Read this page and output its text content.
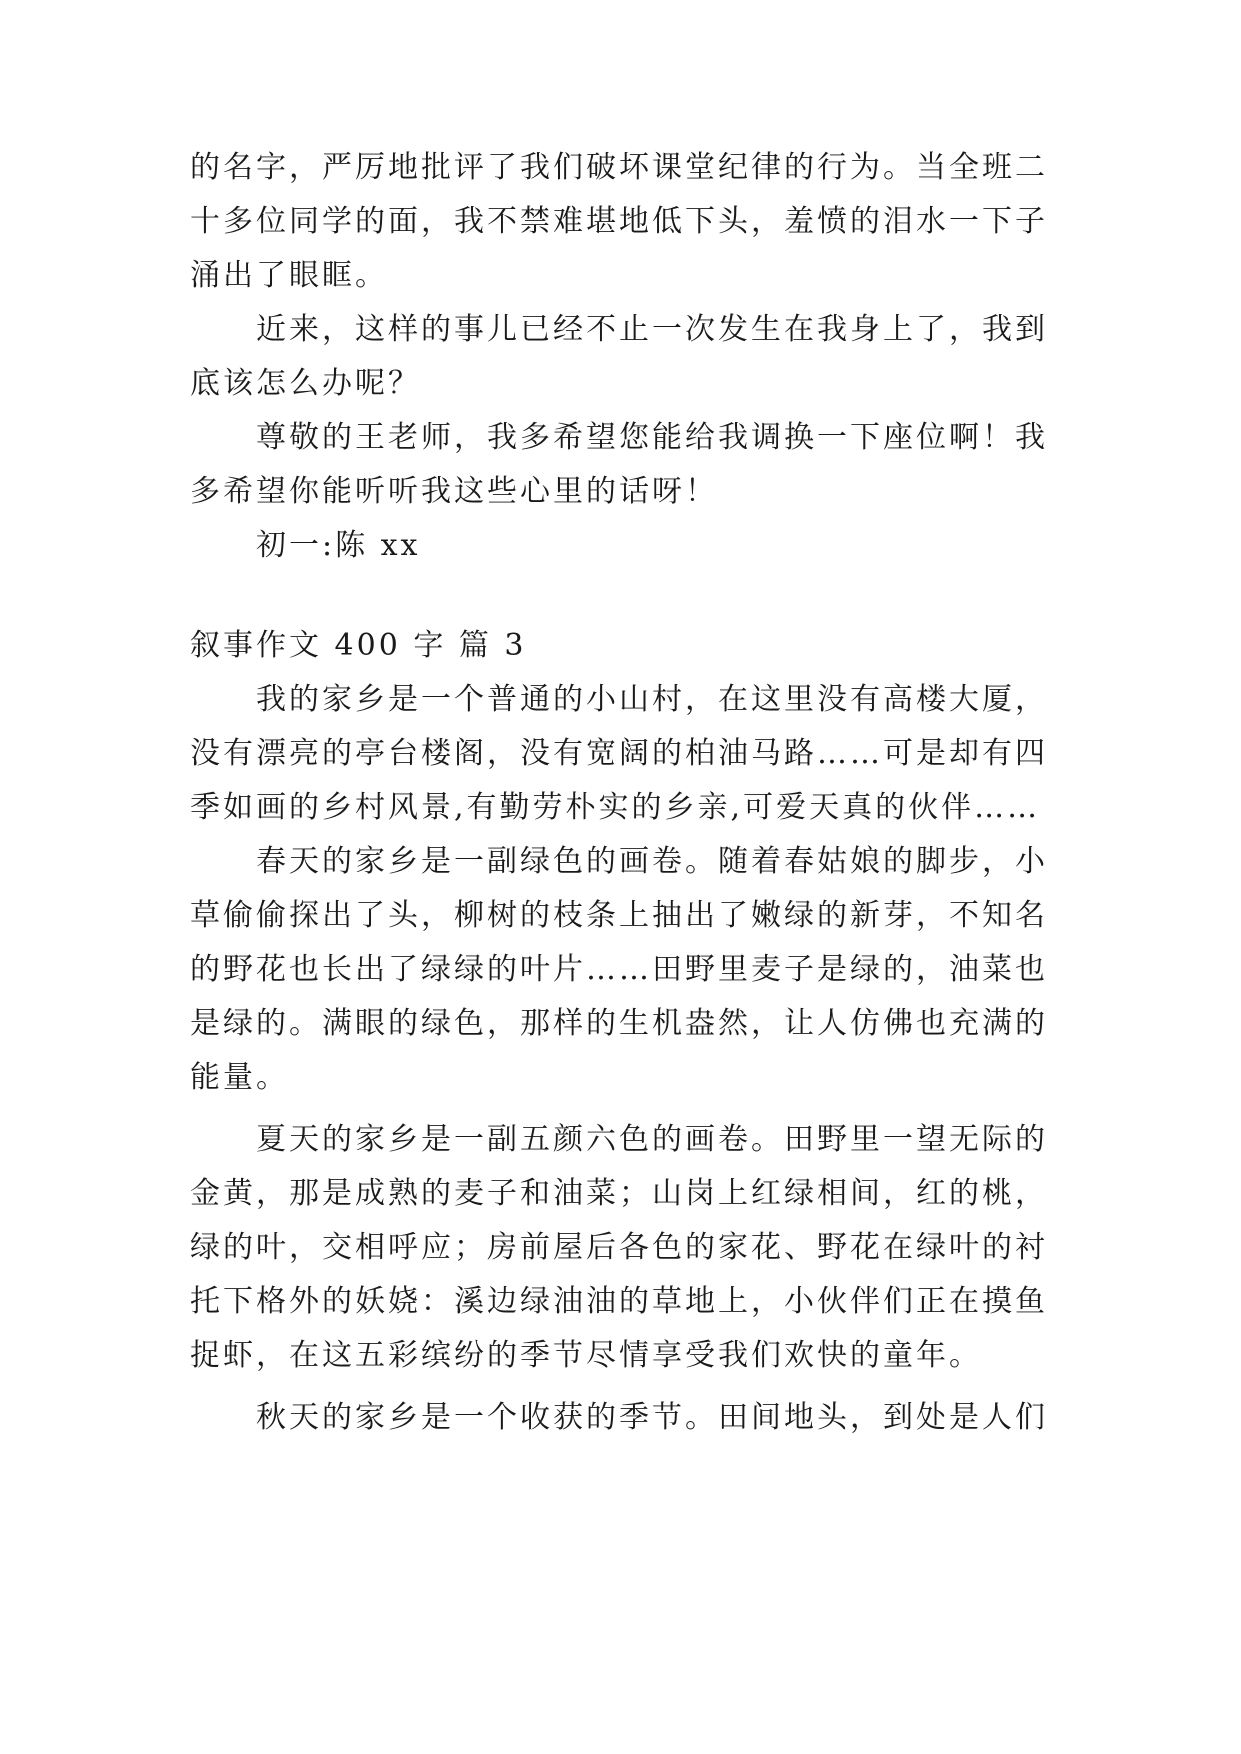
的名字，严厉地批评了我们破坏课堂纪律的行为。当全班二
十多位同学的面，我不禁难堪地低下头，羞愤的泪水一下子
涌出了眼眶。
　　近来，这样的事儿已经不止一次发生在我身上了，我到
底该怎么办呢？
　　尊敬的王老师，我多希望您能给我调换一下座位啊！我
多希望你能听听我这些心里的话呀！
　　初一:陈 xx
叙事作文 400 字 篇 3
　　我的家乡是一个普通的小山村，在这里没有高楼大厦，
没有漂亮的亭台楼阁，没有宽阔的柏油马路……可是却有四
季如画的乡村风景,有勤劳朴实的乡亲,可爱天真的伙伴……
　　春天的家乡是一副绿色的画卷。随着春姑娘的脚步，小
草偷偷探出了头，柳树的枝条上抽出了嫩绿的新芽，不知名
的野花也长出了绿绿的叶片……田野里麦子是绿的，油菜也
是绿的。满眼的绿色，那样的生机盎然，让人仿佛也充满的
能量。
　　夏天的家乡是一副五颜六色的画卷。田野里一望无际的
金黄，那是成熟的麦子和油菜；山岗上红绿相间，红的桃，
绿的叶，交相呼应；房前屋后各色的家花、野花在绿叶的衬
托下格外的妖娆：溪边绿油油的草地上，小伙伴们正在摸鱼
捉虾，在这五彩缤纷的季节尽情享受我们欢快的童年。
　　秋天的家乡是一个收获的季节。田间地头，到处是人们
